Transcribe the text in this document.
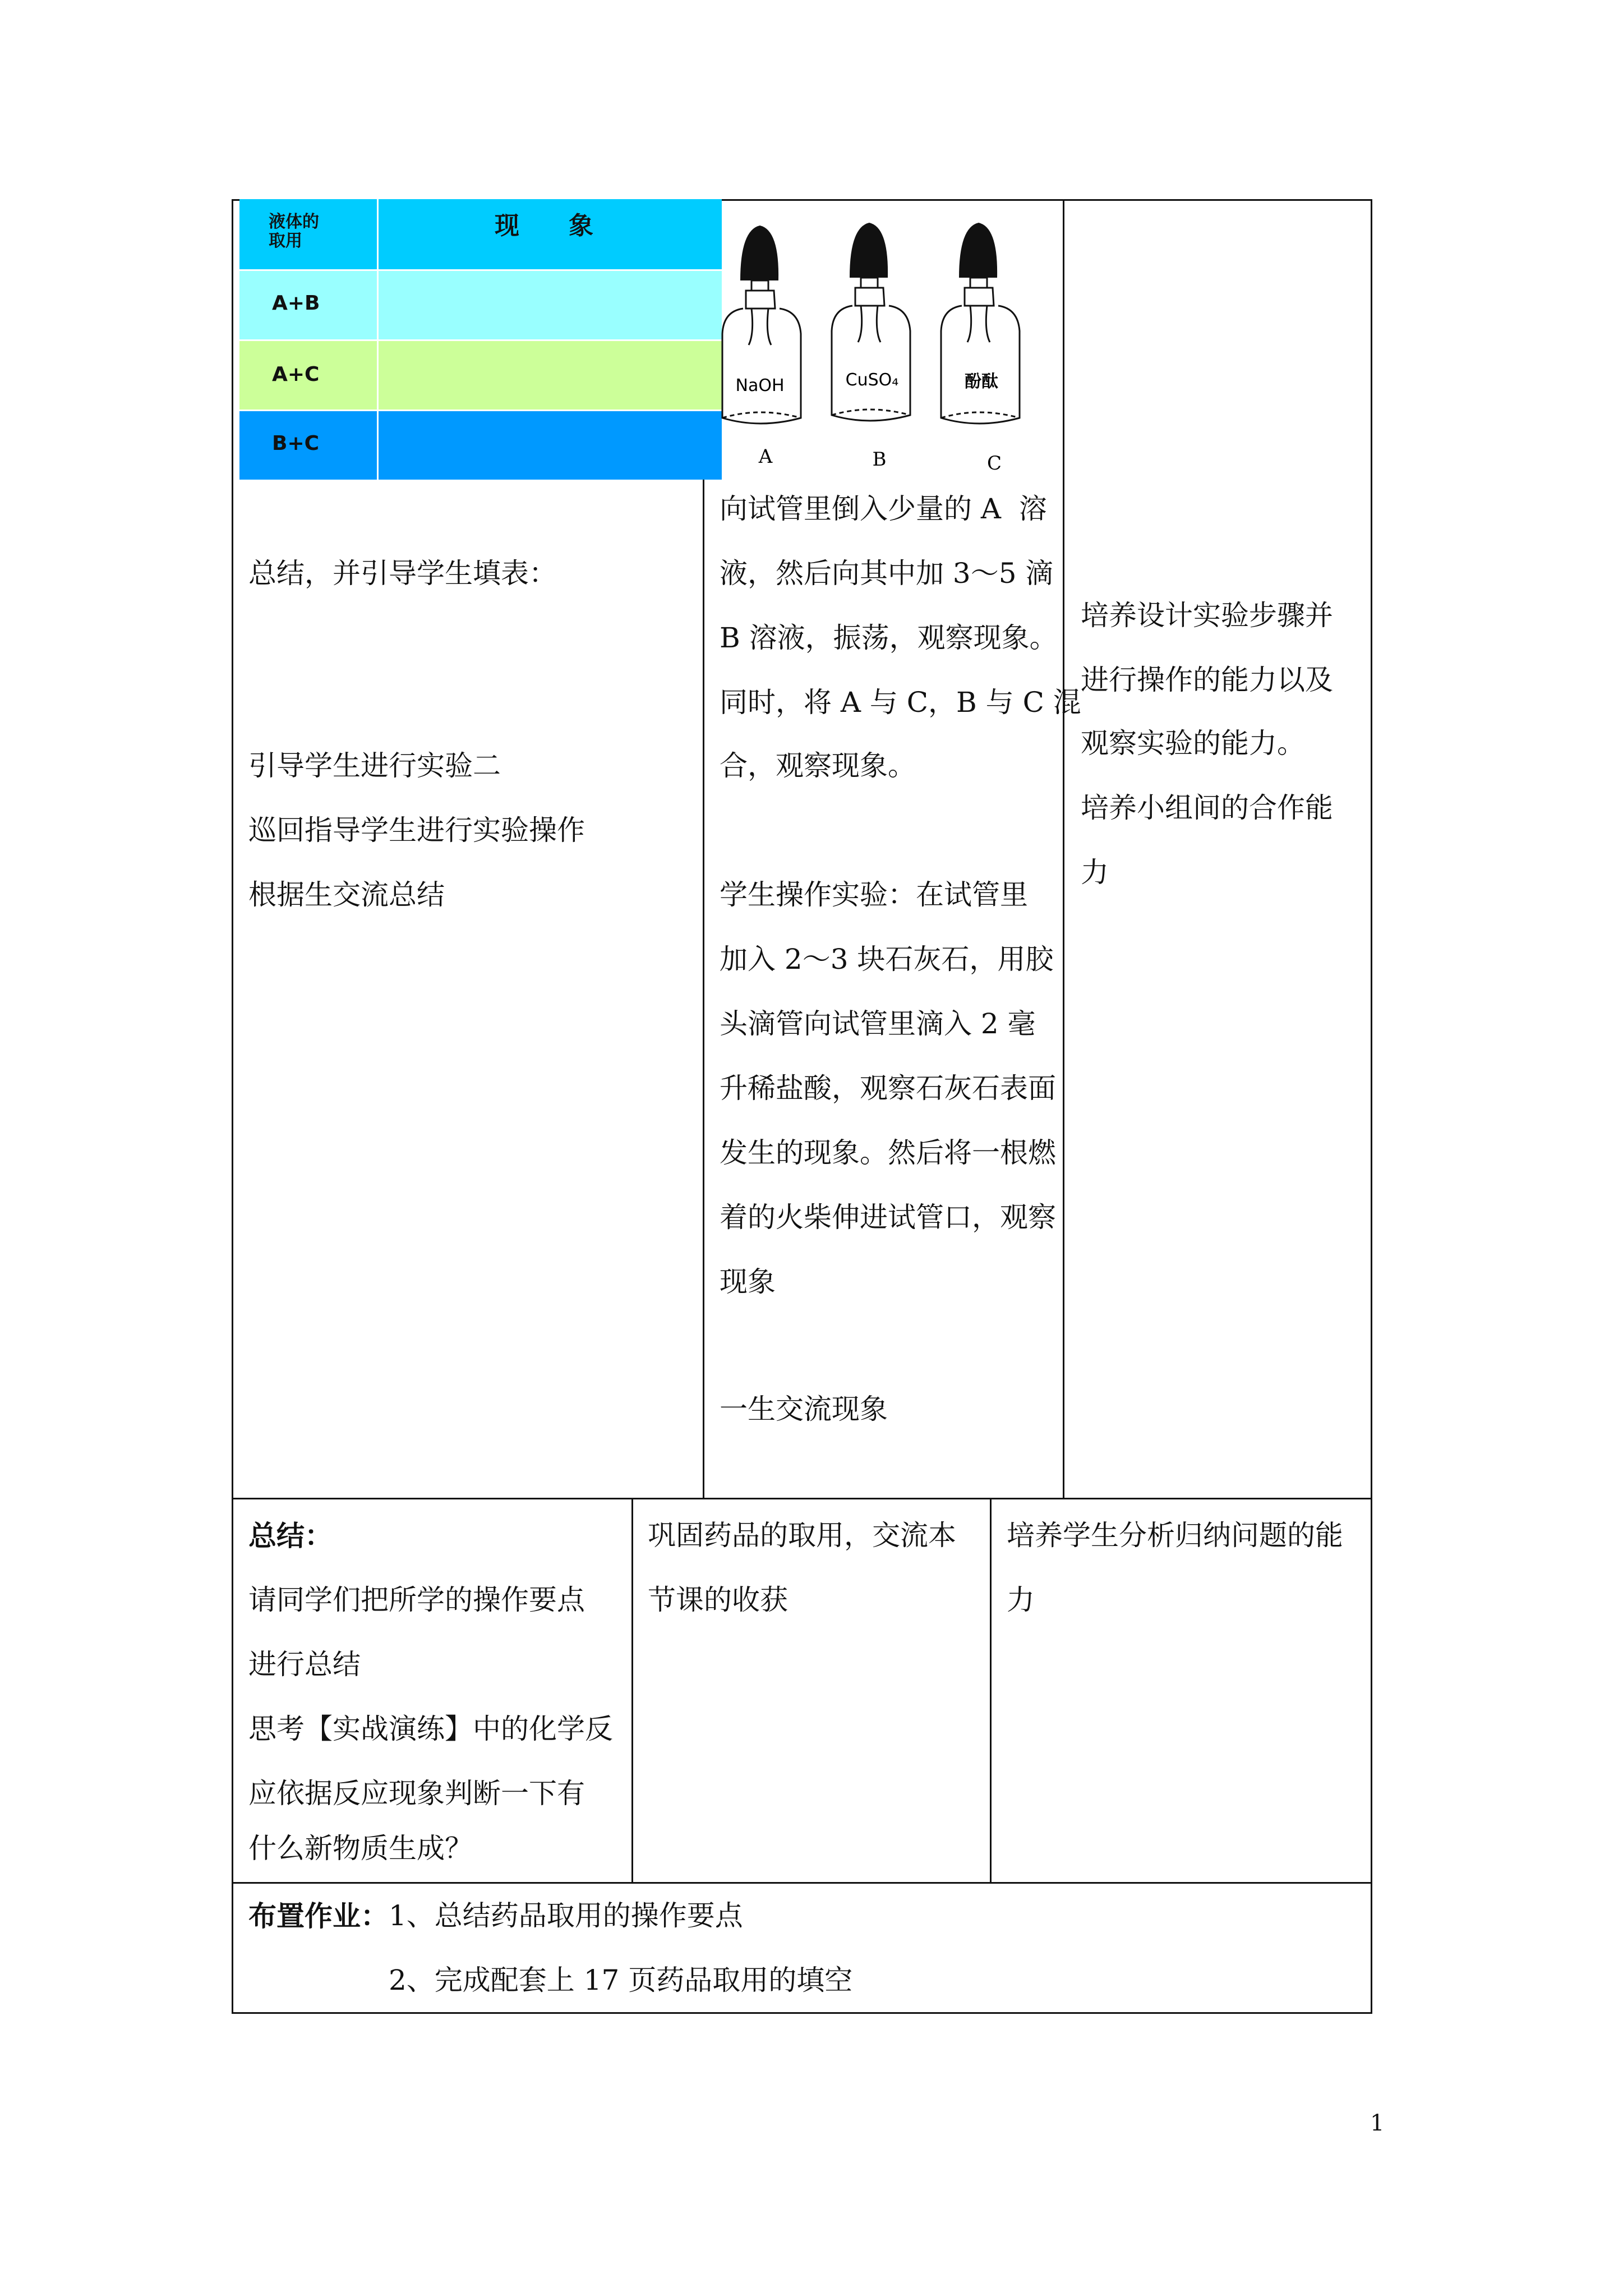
液体的
取用
现　　象
A+B
A+C
B+C
NaOH
A
CuSO₄
B
酚酞
C
总结，并引导学生填表：
引导学生进行实验二
巡回指导学生进行实验操作
根据生交流总结
向试管里倒入少量的 A  溶
液，然后向其中加 3～5 滴
B 溶液，振荡，观察现象。
同时，将 A 与 C，B 与 C 混
合，观察现象。
学生操作实验：在试管里
加入 2～3 块石灰石，用胶
头滴管向试管里滴入 2 毫
升稀盐酸，观察石灰石表面
发生的现象。然后将一根燃
着的火柴伸进试管口，观察
现象
一生交流现象
培养设计实验步骤并
进行操作的能力以及
观察实验的能力。
培养小组间的合作能
力
总结：
请同学们把所学的操作要点
进行总结
思考【实战演练】中的化学反
应依据反应现象判断一下有
什么新物质生成？
巩固药品的取用，交流本
节课的收获
培养学生分析归纳问题的能
力
布置作业： 1、总结药品取用的操作要点
2、完成配套上 17 页药品取用的填空
1
